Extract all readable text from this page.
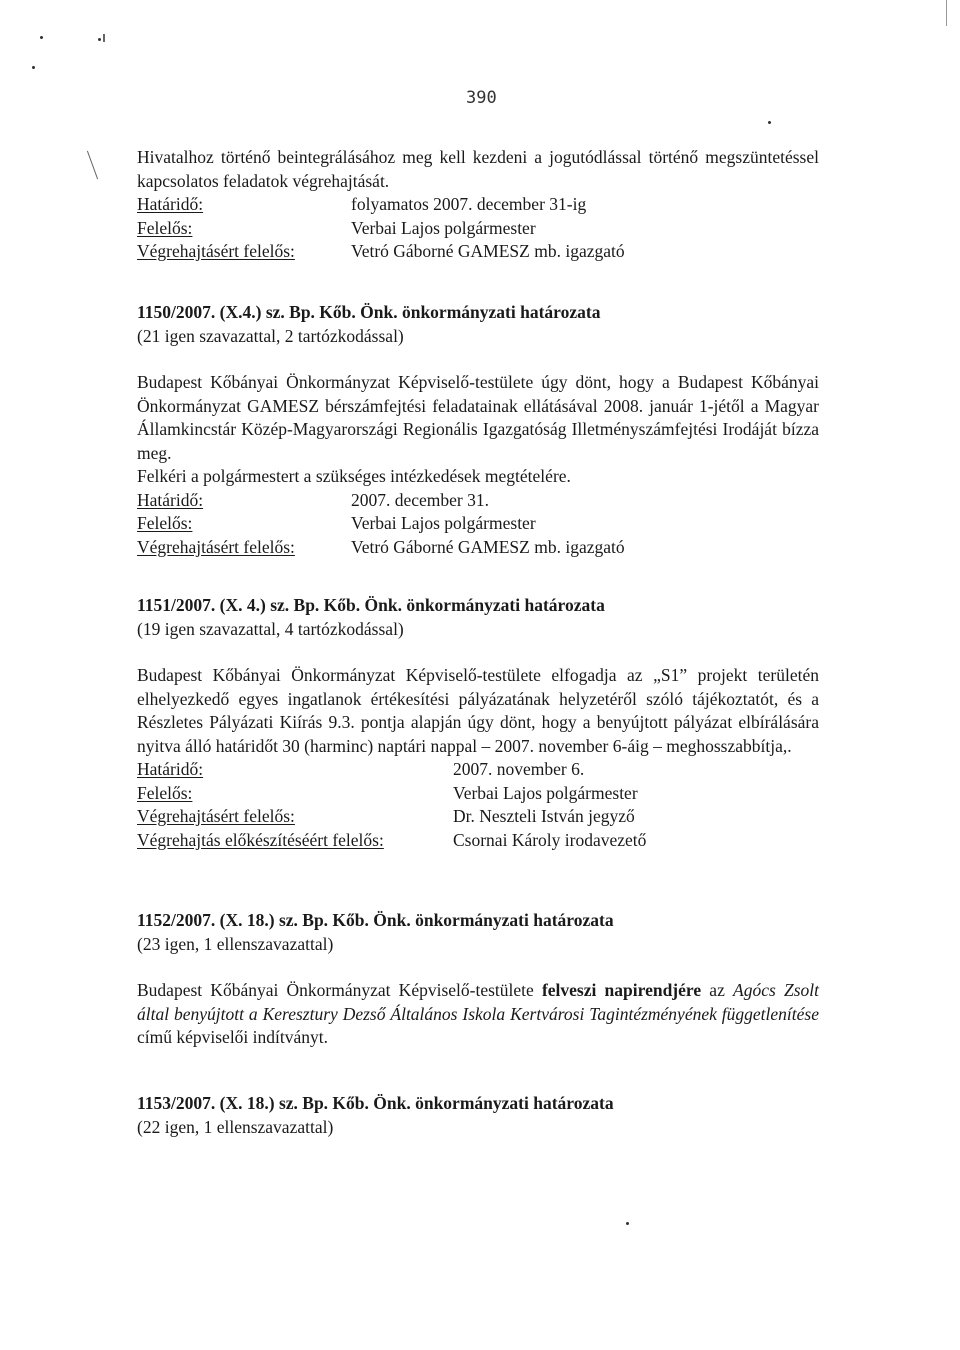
390

Hivatalhoz történő beintegrálásához meg kell kezdeni a jogutódlással történő megszüntetéssel kapcsolatos feladatok végrehajtását.

Határidő:	folyamatos 2007. december 31-ig
Felelős:	Verbai Lajos polgármester
Végrehajtásért felelős:	Vetró Gáborné GAMESZ mb. igazgató

1150/2007. (X.4.) sz. Bp. Kőb. Önk. önkormányzati határozata

(21 igen szavazattal, 2 tartózkodással)

Budapest Kőbányai Önkormányzat Képviselő-testülete úgy dönt, hogy a Budapest Kőbányai Önkormányzat GAMESZ bérszámfejtési feladatainak ellátásával 2008. január 1-jétől a Magyar Államkincstár Közép-Magyarországi Regionális Igazgatóság Illetményszámfejtési Irodáját bízza meg.

Felkéri a polgármestert a szükséges intézkedések megtételére.

Határidő:	2007. december 31.
Felelős:	Verbai Lajos polgármester
Végrehajtásért felelős:	Vetró Gáborné GAMESZ mb. igazgató

1151/2007. (X. 4.) sz. Bp. Kőb. Önk. önkormányzati határozata

(19 igen szavazattal, 4 tartózkodással)

Budapest Kőbányai Önkormányzat Képviselő-testülete elfogadja az „S1” projekt területén elhelyezkedő egyes ingatlanok értékesítési pályázatának helyzetéről szóló tájékoztatót, és a Részletes Pályázati Kiírás 9.3. pontja alapján úgy dönt, hogy a benyújtott pályázat elbírálására nyitva álló határidőt 30 (harminc) naptári nappal – 2007. november 6-áig – meghosszabbítja,.

Határidő:	2007. november 6.
Felelős:	Verbai Lajos polgármester
Végrehajtásért felelős:	Dr. Neszteli István jegyző
Végrehajtás előkészítéséért felelős:	Csornai Károly irodavezető

1152/2007. (X. 18.) sz. Bp. Kőb. Önk. önkormányzati határozata

(23 igen, 1 ellenszavazattal)

Budapest Kőbányai Önkormányzat Képviselő-testülete felveszi napirendjére az Agócs Zsolt által benyújtott a Keresztury Dezső Általános Iskola Kertvárosi Tagintézményének függetlenítése című képviselői indítványt.

1153/2007. (X. 18.) sz. Bp. Kőb. Önk. önkormányzati határozata

(22 igen, 1 ellenszavazattal)
